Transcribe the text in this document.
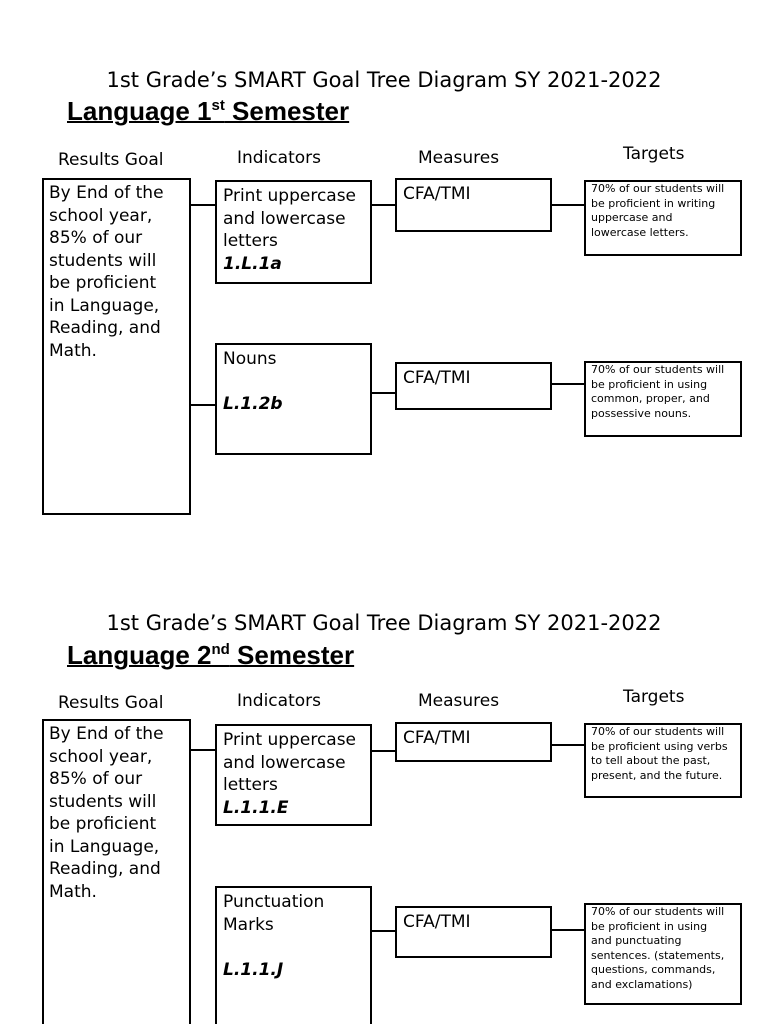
1st Grade’s SMART Goal Tree Diagram SY 2021-2022
Language 1st Semester
Results Goal	Indicators	Measures	Targets
By End of the
school year,
85% of our
students will
be proficient
in Language,
Reading, and
Math.
Print uppercase
and lowercase
letters
1.L.1a
Nouns
L.1.2b
CFA/TMI
CFA/TMI
70% of our students will
be proficient in writing
uppercase and
lowercase letters.
70% of our students will
be proficient in using
common, proper, and
possessive nouns.
1st Grade’s SMART Goal Tree Diagram SY 2021-2022
Language 2nd Semester
Results Goal	Indicators	Measures	Targets
By End of the
school year,
85% of our
students will
be proficient
in Language,
Reading, and
Math.
Print uppercase
and lowercase
letters
L.1.1.E
Punctuation
Marks
L.1.1.J
CFA/TMI
CFA/TMI
70% of our students will
be proficient using verbs
to tell about the past,
present, and the future.
70% of our students will
be proficient in using
and punctuating
sentences. (statements,
questions, commands,
and exclamations)
